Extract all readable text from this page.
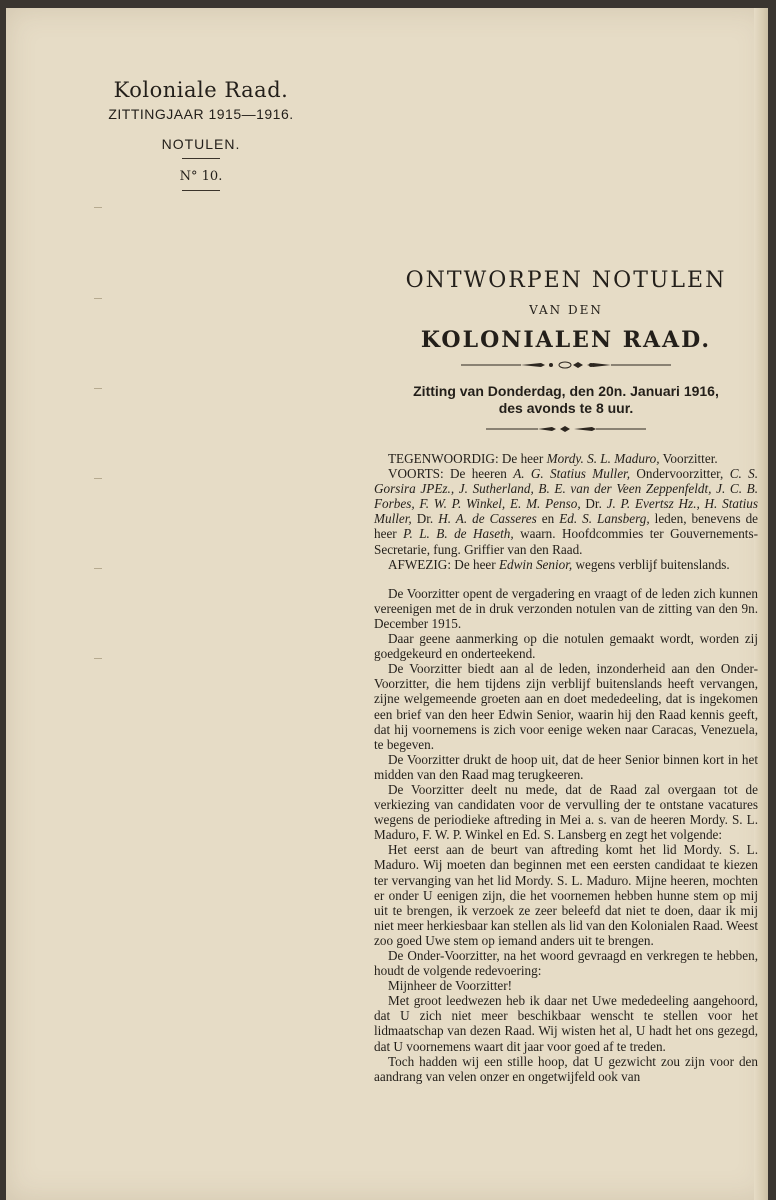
Koloniale Raad.
ZITTINGJAAR 1915—1916.
NOTULEN.
N° 10.
ONTWORPEN NOTULEN
VAN DEN
KOLONIALEN RAAD.
Zitting van Donderdag, den 20n. Januari 1916,
des avonds te 8 uur.

TEGENWOORDIG: De heer Mordy. S. L. Maduro, Voorzitter.

VOORTS: De heeren A. G. Statius Muller, Ondervoorzitter, C. S. Gorsira JPEz., J. Sutherland, B. E. van der Veen Zeppenfeldt, J. C. B. Forbes, F. W. P. Winkel, E. M. Penso, Dr. J. P. Evertsz Hz., H. Statius Muller, Dr. H. A. de Casseres en Ed. S. Lansberg, leden, benevens de heer P. L. B. de Haseth, waarn. Hoofdcommies ter Gouvernements-Secretarie, fung. Griffier van den Raad.

AFWEZIG: De heer Edwin Senior, wegens verblijf buitenslands.

De Voorzitter opent de vergadering en vraagt of de leden zich kunnen vereenigen met de in druk verzonden notulen van de zitting van den 9n. December 1915.

Daar geene aanmerking op die notulen gemaakt wordt, worden zij goedgekeurd en onderteekend.

De Voorzitter biedt aan al de leden, inzonderheid aan den Onder-Voorzitter, die hem tijdens zijn verblijf buitenslands heeft vervangen, zijne welgemeende groeten aan en doet mededeeling, dat is ingekomen een brief van den heer Edwin Senior, waarin hij den Raad kennis geeft, dat hij voornemens is zich voor eenige weken naar Caracas, Venezuela, te begeven.

De Voorzitter drukt de hoop uit, dat de heer Senior binnen kort in het midden van den Raad mag terugkeeren.

De Voorzitter deelt nu mede, dat de Raad zal overgaan tot de verkiezing van candidaten voor de vervulling der te ontstane vacatures wegens de periodieke aftreding in Mei a. s. van de heeren Mordy. S. L. Maduro, F. W. P. Winkel en Ed. S. Lansberg en zegt het volgende:

Het eerst aan de beurt van aftreding komt het lid Mordy. S. L. Maduro. Wij moeten dan beginnen met een eersten candidaat te kiezen ter vervanging van het lid Mordy. S. L. Maduro. Mijne heeren, mochten er onder U eenigen zijn, die het voornemen hebben hunne stem op mij uit te brengen, ik verzoek ze zeer beleefd dat niet te doen, daar ik mij niet meer herkiesbaar kan stellen als lid van den Kolonialen Raad. Weest zoo goed Uwe stem op iemand anders uit te brengen.

De Onder-Voorzitter, na het woord gevraagd en verkregen te hebben, houdt de volgende redevoering:

Mijnheer de Voorzitter!

Met groot leedwezen heb ik daar net Uwe mededeeling aangehoord, dat U zich niet meer beschikbaar wenscht te stellen voor het lidmaatschap van dezen Raad. Wij wisten het al, U hadt het ons gezegd, dat U voornemens waart dit jaar voor goed af te treden.

Toch hadden wij een stille hoop, dat U gezwicht zou zijn voor den aandrang van velen onzer en ongetwijfeld ook van
